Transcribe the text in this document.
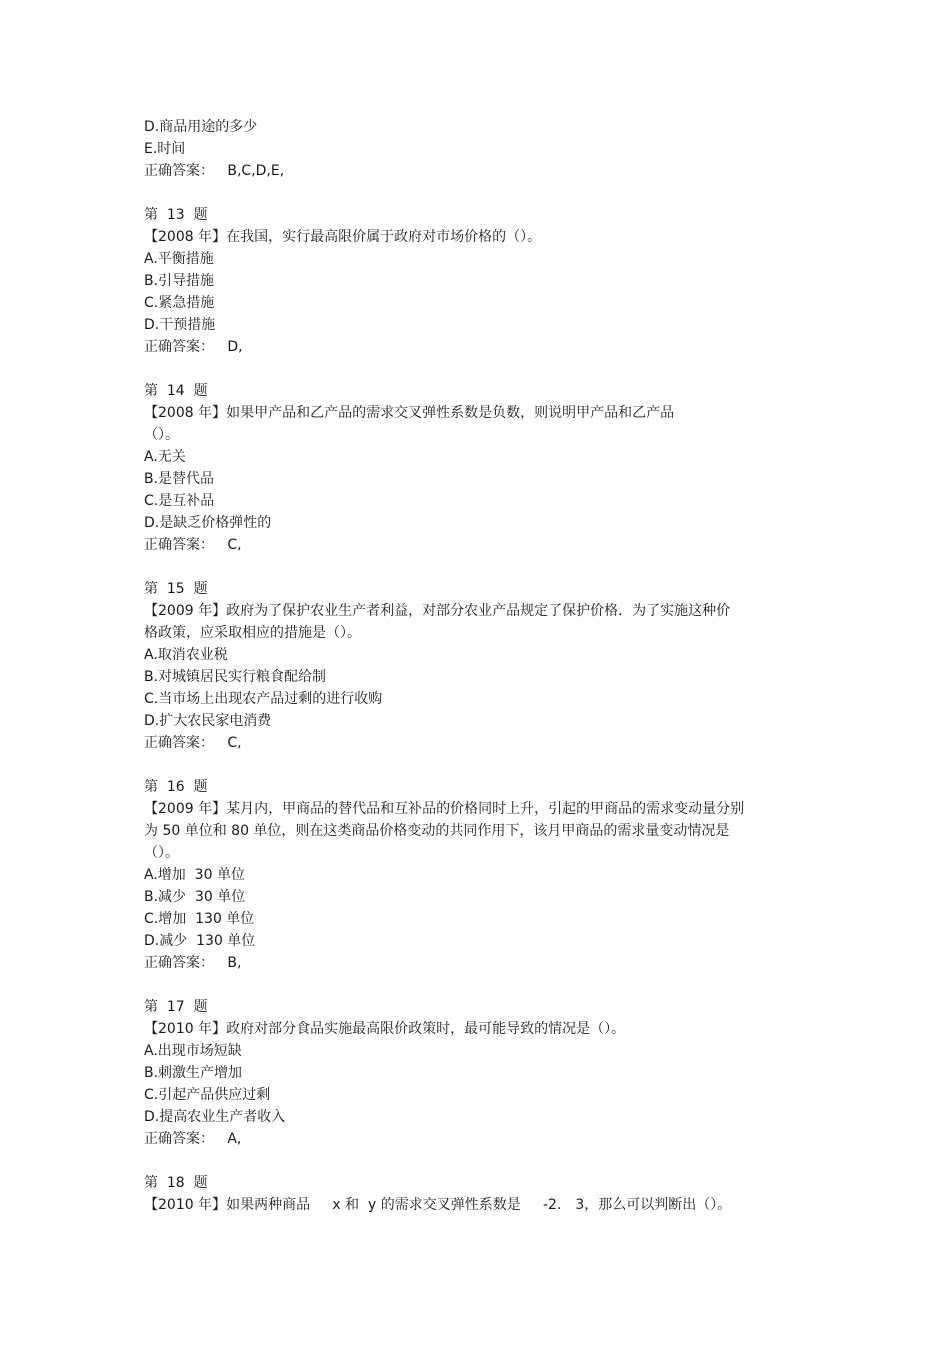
D.商品用途的多少
E.时间
正确答案：   B,C,D,E,
第  13  题
【2008 年】在我国，实行最高限价属于政府对市场价格的（）。
A.平衡措施
B.引导措施
C.紧急措施
D.干预措施
正确答案：   D,
第  14  题
【2008 年】如果甲产品和乙产品的需求交叉弹性系数是负数，则说明甲产品和乙产品（）。
A.无关
B.是替代品
C.是互补品
D.是缺乏价格弹性的
正确答案：   C,
第  15  题
【2009 年】政府为了保护农业生产者利益，对部分农业产品规定了保护价格．为了实施这种价格政策，应采取相应的措施是（）。
A.取消农业税
B.对城镇居民实行粮食配给制
C.当市场上出现农产品过剩的进行收购
D.扩大农民家电消费
正确答案：   C,
第  16  题
【2009 年】某月内，甲商品的替代品和互补品的价格同时上升，引起的甲商品的需求变动量分别为 50 单位和 80 单位，则在这类商品价格变动的共同作用下，该月甲商品的需求量变动情况是（）。
A.增加  30 单位
B.减少  30 单位
C.增加  130 单位
D.减少  130 单位
正确答案：   B,
第  17  题
【2010 年】政府对部分食品实施最高限价政策时，最可能导致的情况是（）。
A.出现市场短缺
B.刺激生产增加
C.引起产品供应过剩
D.提高农业生产者收入
正确答案：   A,
第  18  题
【2010 年】如果两种商品     x 和  y 的需求交叉弹性系数是     -2． 3，那么可以判断出（）。
